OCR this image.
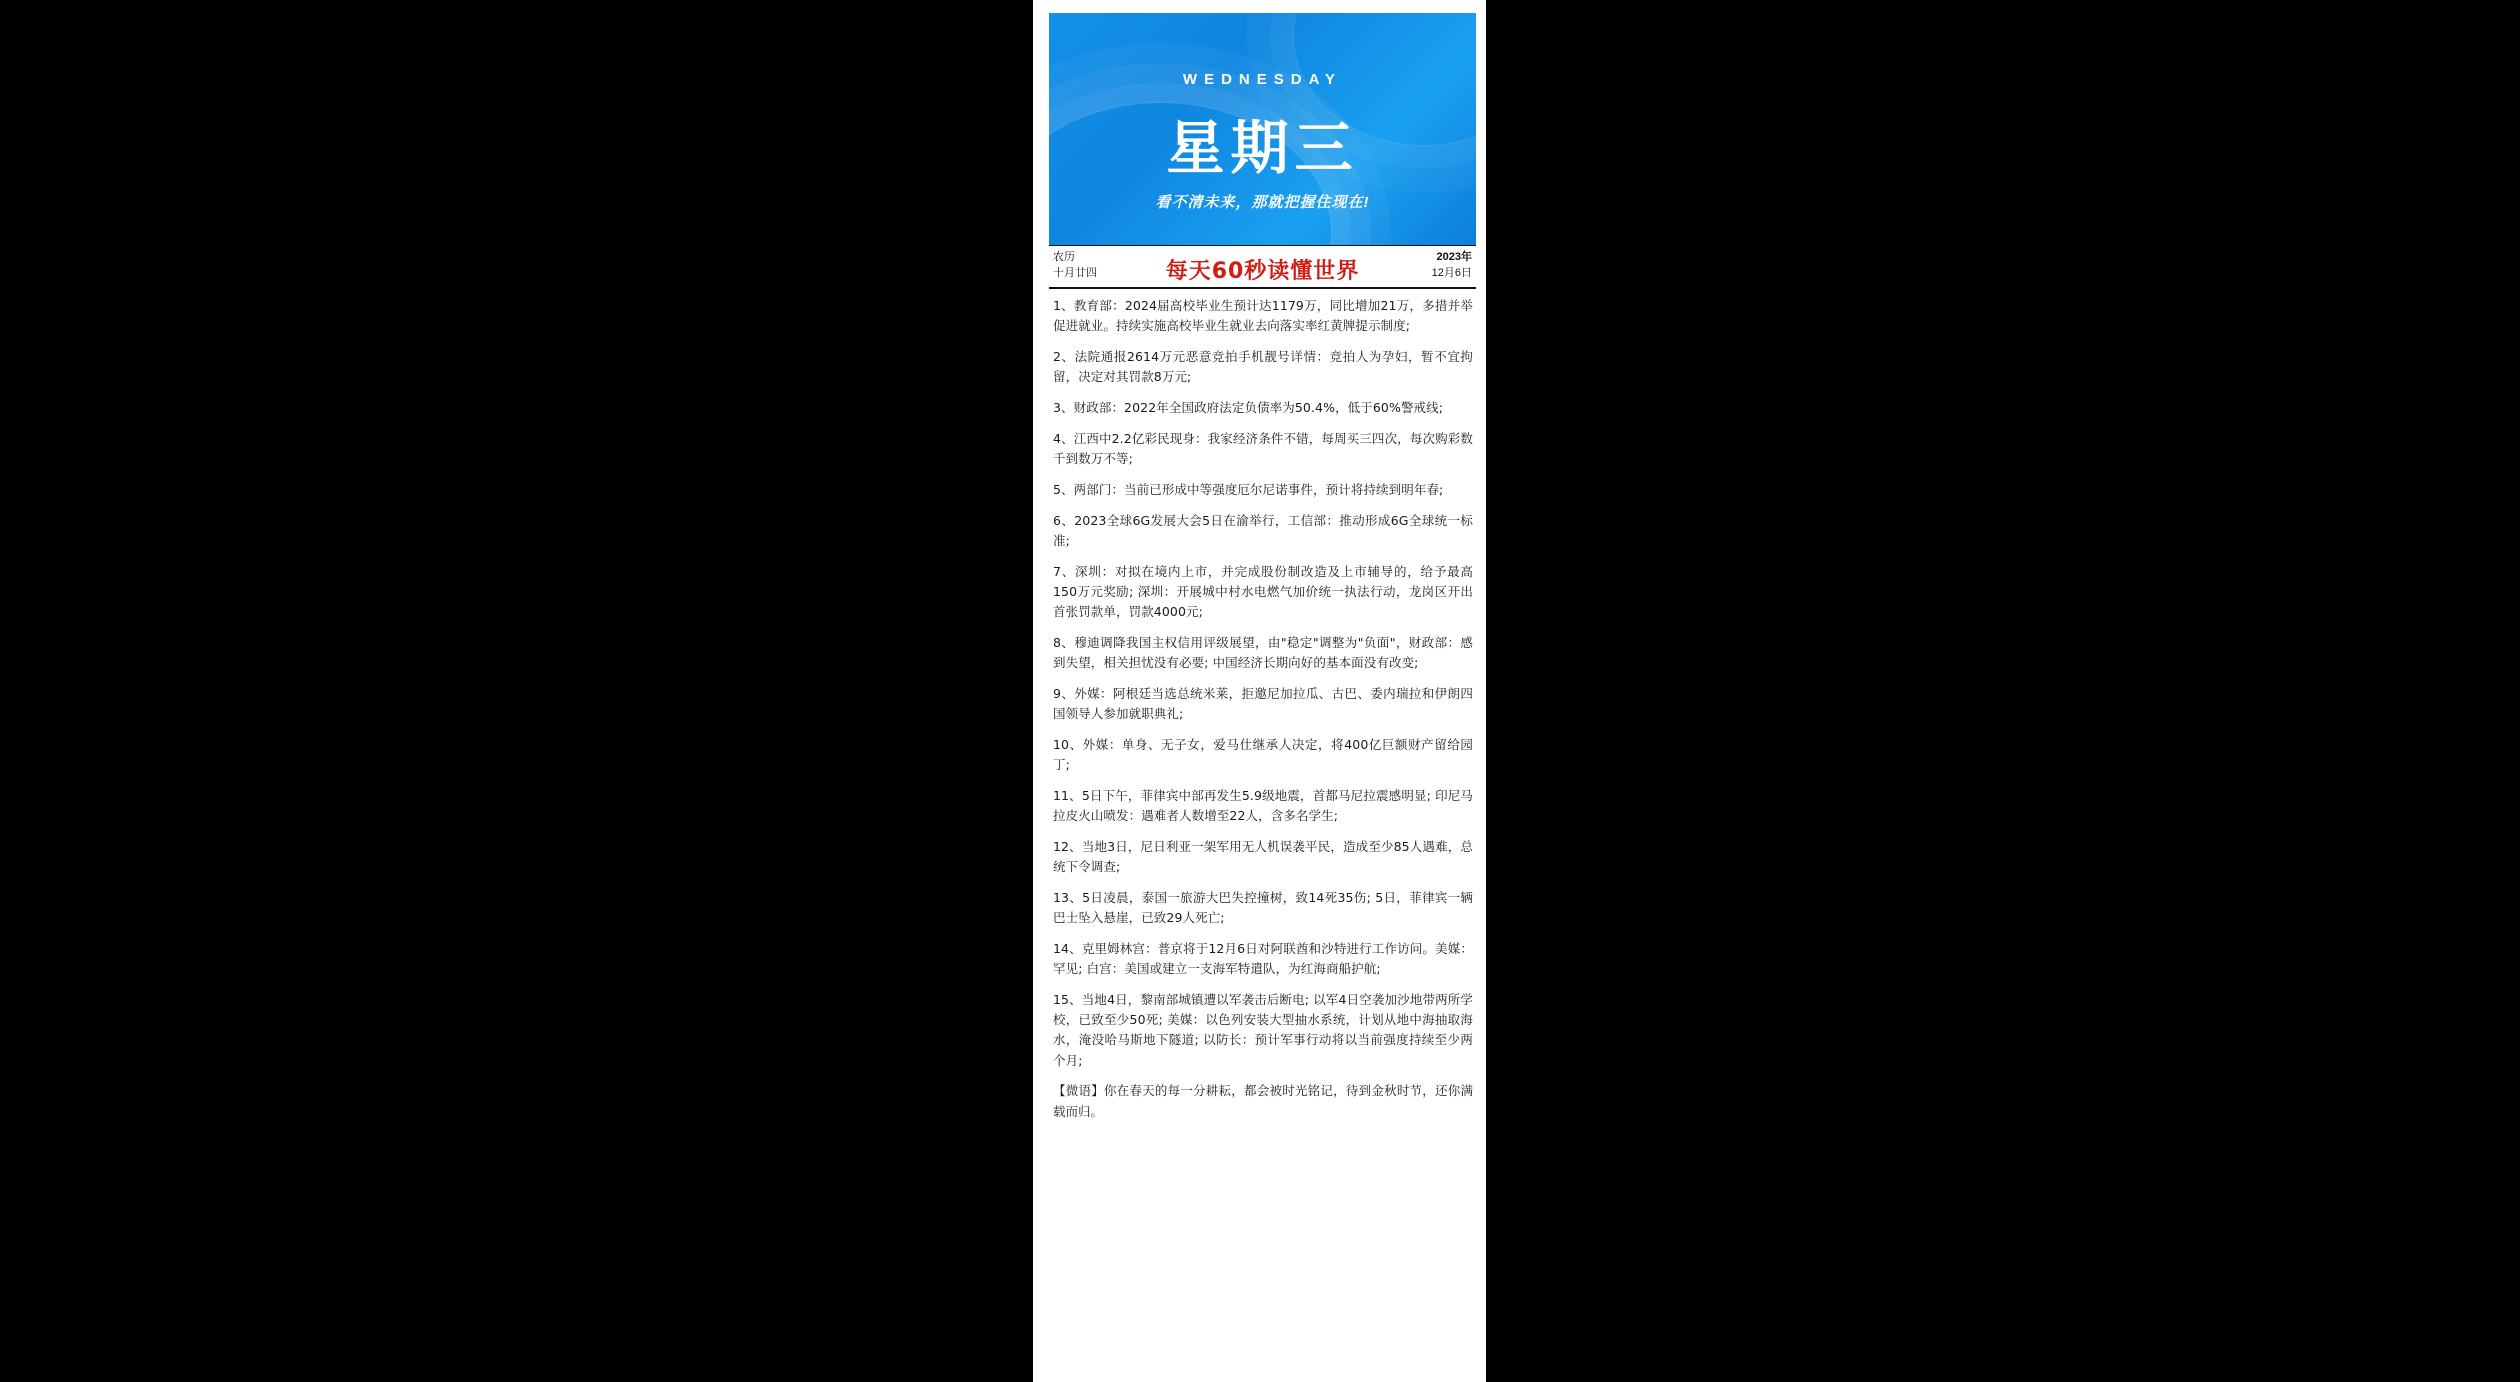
WEDNESDAY
星期三
看不清未来，那就把握住现在!
农历
十月廿四	每天60秒读懂世界
2023年
12月6日
1、教育部：2024届高校毕业生预计达1179万，同比增加21万，多措并举促进就业。持续实施高校毕业生就业去向落实率红黄牌提示制度;
2、法院通报2614万元恶意竞拍手机靓号详情：竞拍人为孕妇，暂不宜拘留，决定对其罚款8万元;
3、财政部：2022年全国政府法定负债率为50.4%，低于60%警戒线;
4、江西中2.2亿彩民现身：我家经济条件不错，每周买三四次，每次购彩数千到数万不等;
5、两部门：当前已形成中等强度厄尔尼诺事件，预计将持续到明年春;
6、2023全球6G发展大会5日在渝举行，工信部：推动形成6G全球统一标准;
7、深圳：对拟在境内上市，并完成股份制改造及上市辅导的，给予最高150万元奖励; 深圳：开展城中村水电燃气加价统一执法行动，龙岗区开出首张罚款单，罚款4000元;
8、穆迪调降我国主权信用评级展望，由"稳定"调整为"负面"，财政部：感到失望，相关担忧没有必要; 中国经济长期向好的基本面没有改变;
9、外媒：阿根廷当选总统米莱，拒邀尼加拉瓜、古巴、委内瑞拉和伊朗四国领导人参加就职典礼;
10、外媒：单身、无子女，爱马仕继承人决定，将400亿巨额财产留给园丁;
11、5日下午，菲律宾中部再发生5.9级地震，首都马尼拉震感明显; 印尼马拉皮火山喷发：遇难者人数增至22人，含多名学生;
12、当地3日，尼日利亚一架军用无人机误袭平民，造成至少85人遇难，总统下令调查;
13、5日凌晨，泰国一旅游大巴失控撞树，致14死35伤; 5日，菲律宾一辆巴士坠入悬崖，已致29人死亡;
14、克里姆林宫：普京将于12月6日对阿联酋和沙特进行工作访问。美媒：罕见; 白宫：美国或建立一支海军特遣队，为红海商船护航;
15、当地4日，黎南部城镇遭以军袭击后断电; 以军4日空袭加沙地带两所学校，已致至少50死; 美媒：以色列安装大型抽水系统，计划从地中海抽取海水，淹没哈马斯地下隧道; 以防长：预计军事行动将以当前强度持续至少两个月;
【微语】你在春天的每一分耕耘，都会被时光铭记，待到金秋时节，还你满载而归。
